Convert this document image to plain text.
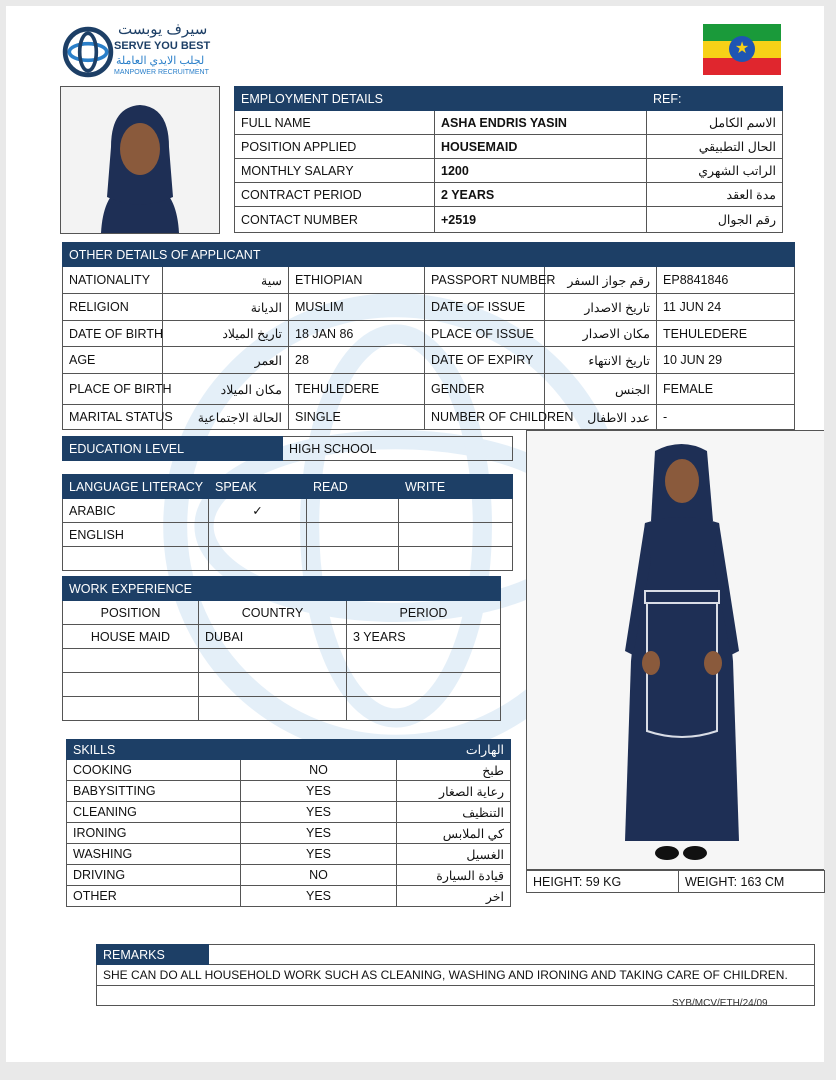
سيرف يوبست
SERVE YOU BEST
لجلب الايدي العاملة
MANPOWER RECRUITMENT
★
EMPLOYMENT DETAILS		REF:
FULL NAME	ASHA ENDRIS YASIN	الاسم الكامل
POSITION APPLIED	HOUSEMAID	الحال التطبيقي
MONTHLY SALARY	1200	الراتب الشهري
CONTRACT PERIOD	2 YEARS	مدة العقد
CONTACT NUMBER	+2519	رقم الجوال
OTHER DETAILS OF APPLICANT					
NATIONALITY	سية	ETHIOPIAN	PASSPORT NUMBER	رقم جواز السفر	EP8841846
RELIGION	الديانة	MUSLIM	DATE OF ISSUE	تاريخ الاصدار	11 JUN 24
DATE OF BIRTH	تاريخ الميلاد	18 JAN 86	PLACE OF ISSUE	مكان الاصدار	TEHULEDERE
AGE	العمر	28	DATE OF EXPIRY	تاريخ الانتهاء	10 JUN 29
PLACE OF BIRTH	مكان الميلاد	TEHULEDERE	GENDER	الجنس	FEMALE
MARITAL STATUS	الحالة الاجتماعية	SINGLE	NUMBER OF CHILDREN	عدد الاطفال	-
EDUCATION LEVEL	HIGH SCHOOL
LANGUAGE LITERACY	SPEAK	READ	WRITE
ARABIC	✓		
ENGLISH			

WORK EXPERIENCE		
POSITION	COUNTRY	PERIOD
HOUSE MAID	DUBAI	3 YEARS

SKILLS		الهارات
COOKING	NO	طبخ
BABYSITTING	YES	رعاية الصغار
CLEANING	YES	التنظيف
IRONING	YES	كي الملابس
WASHING	YES	الغسيل
DRIVING	NO	قيادة السيارة
OTHER	YES	اخر
HEIGHT: 59 KG	WEIGHT: 163 CM
REMARKS	
SHE CAN DO ALL HOUSEHOLD WORK SUCH AS CLEANING, WASHING AND IRONING AND TAKING CARE OF CHILDREN.

SYB/MCV/ETH/24/09
